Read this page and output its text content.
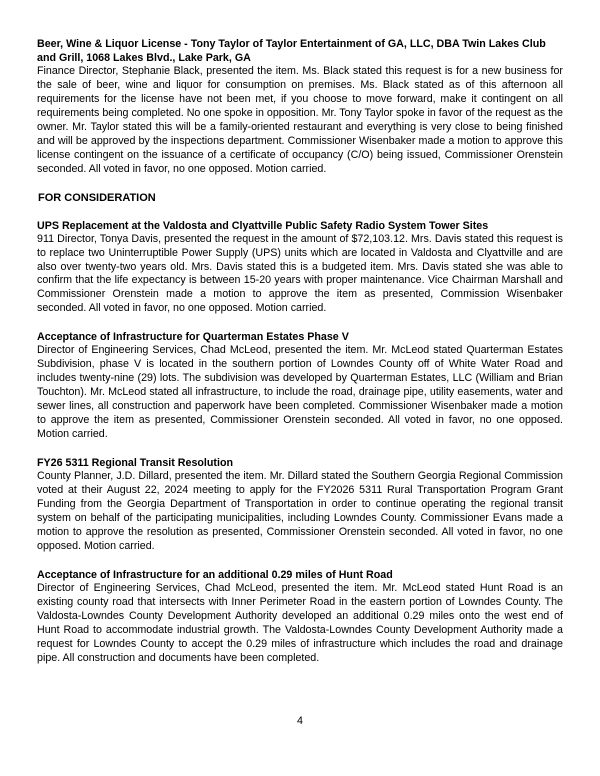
Beer, Wine & Liquor License - Tony Taylor of Taylor Entertainment of GA, LLC, DBA Twin Lakes Club and Grill, 1068 Lakes Blvd., Lake Park, GA

Finance Director, Stephanie Black, presented the item. Ms. Black stated this request is for a new business for the sale of beer, wine and liquor for consumption on premises. Ms. Black stated as of this afternoon all requirements for the license have not been met, if you choose to move forward, make it contingent on all requirements being completed. No one spoke in opposition. Mr. Tony Taylor spoke in favor of the request as the owner. Mr. Taylor stated this will be a family-oriented restaurant and everything is very close to being finished and will be approved by the inspections department. Commissioner Wisenbaker made a motion to approve this license contingent on the issuance of a certificate of occupancy (C/O) being issued, Commissioner Orenstein seconded. All voted in favor, no one opposed. Motion carried.

FOR CONSIDERATION

UPS Replacement at the Valdosta and Clyattville Public Safety Radio System Tower Sites

911 Director, Tonya Davis, presented the request in the amount of $72,103.12. Mrs. Davis stated this request is to replace two Uninterruptible Power Supply (UPS) units which are located in Valdosta and Clyattville and are also over twenty-two years old. Mrs. Davis stated this is a budgeted item. Mrs. Davis stated she was able to confirm that the life expectancy is between 15-20 years with proper maintenance. Vice Chairman Marshall and Commissioner Orenstein made a motion to approve the item as presented, Commission Wisenbaker seconded. All voted in favor, no one opposed. Motion carried.

Acceptance of Infrastructure for Quarterman Estates Phase V

Director of Engineering Services, Chad McLeod, presented the item. Mr. McLeod stated Quarterman Estates Subdivision, phase V is located in the southern portion of Lowndes County off of White Water Road and includes twenty-nine (29) lots. The subdivision was developed by Quarterman Estates, LLC (William and Brian Touchton). Mr. McLeod stated all infrastructure, to include the road, drainage pipe, utility easements, water and sewer lines, all construction and paperwork have been completed. Commissioner Wisenbaker made a motion to approve the item as presented, Commissioner Orenstein seconded. All voted in favor, no one opposed. Motion carried.

FY26 5311 Regional Transit Resolution

County Planner, J.D. Dillard, presented the item. Mr. Dillard stated the Southern Georgia Regional Commission voted at their August 22, 2024 meeting to apply for the FY2026 5311 Rural Transportation Program Grant Funding from the Georgia Department of Transportation in order to continue operating the regional transit system on behalf of the participating municipalities, including Lowndes County. Commissioner Evans made a motion to approve the resolution as presented, Commissioner Orenstein seconded. All voted in favor, no one opposed. Motion carried.

Acceptance of Infrastructure for an additional 0.29 miles of Hunt Road

Director of Engineering Services, Chad McLeod, presented the item. Mr. McLeod stated Hunt Road is an existing county road that intersects with Inner Perimeter Road in the eastern portion of Lowndes County. The Valdosta-Lowndes County Development Authority developed an additional 0.29 miles onto the west end of Hunt Road to accommodate industrial growth. The Valdosta-Lowndes County Development Authority made a request for Lowndes County to accept the 0.29 miles of infrastructure which includes the road and drainage pipe. All construction and documents have been completed.

4
